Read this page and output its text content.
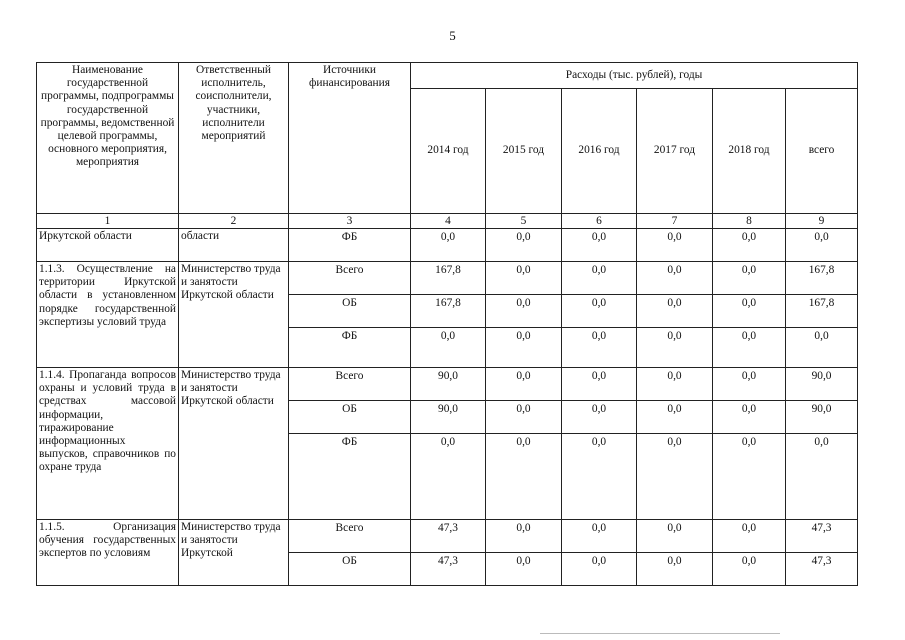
5
Наименование государственной программы, подпрограммы государственной программы, ведомственной целевой программы, основного мероприятия, мероприятия	Ответственный исполнитель, соисполнители, участники, исполнители мероприятий	Источники финансирования	Расходы (тыс. рублей), годы					
			2014 год	2015 год	2016 год	2017 год	2018 год	всего
1	2	3	4	5	6	7	8	9
Иркутской области	области	ФБ	0,0	0,0	0,0	0,0	0,0	0,0
1.1.3. Осуществление на территории Иркутской области в установленном порядке государственной экспертизы условий труда	Министерство труда и занятости Иркутской области	Всего	167,8	0,0	0,0	0,0	0,0	167,8
		ОБ	167,8	0,0	0,0	0,0	0,0	167,8
		ФБ	0,0	0,0	0,0	0,0	0,0	0,0
1.1.4. Пропаганда вопросов охраны и условий труда в средствах массовой информации, тиражирование информационных выпусков, справочников по охране труда	Министерство труда и занятости Иркутской области	Всего	90,0	0,0	0,0	0,0	0,0	90,0
		ОБ	90,0	0,0	0,0	0,0	0,0	90,0
		ФБ	0,0	0,0	0,0	0,0	0,0	0,0
1.1.5. Организация обучения государственных экспертов по условиям	Министерство труда и занятости Иркутской	Всего	47,3	0,0	0,0	0,0	0,0	47,3
		ОБ	47,3	0,0	0,0	0,0	0,0	47,3
